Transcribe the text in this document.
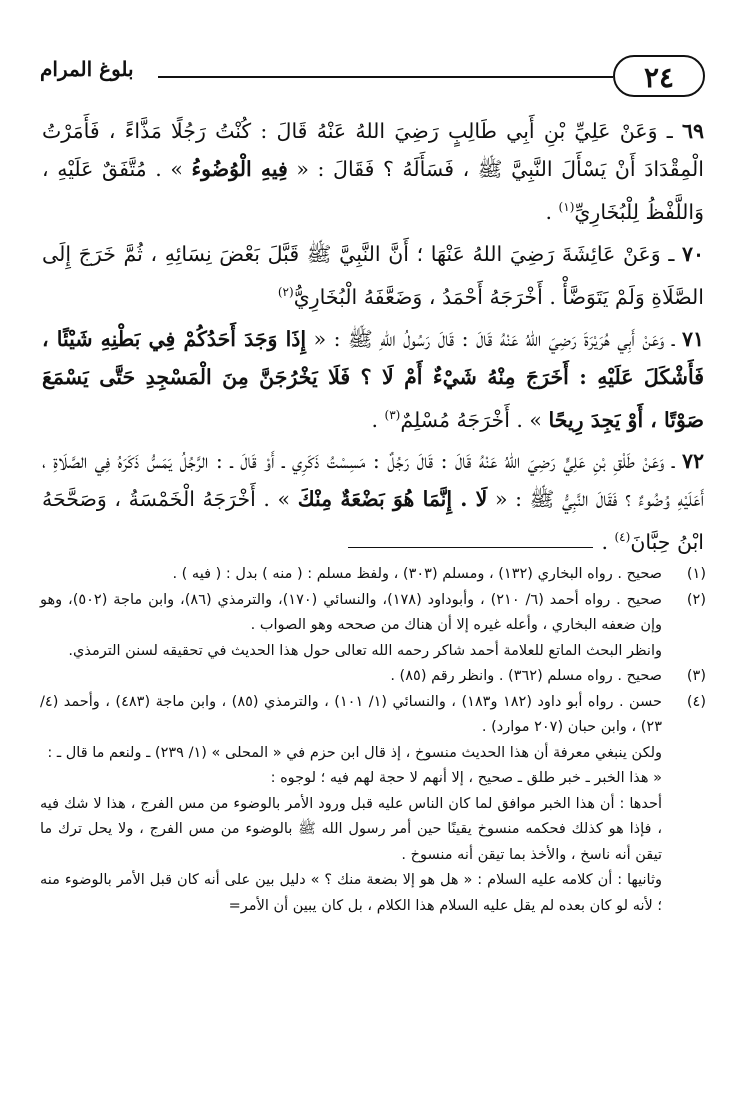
٢٤
بلوغ المرام

٦٩ ـ وَعَنْ عَلِيِّ بْنِ أَبِي طَالِبٍ رَضِيَ اللهُ عَنْهُ قَالَ : كُنْتُ رَجُلًا مَذَّاءً ، فَأَمَرْتُ الْمِقْدَادَ أَنْ يَسْأَلَ النَّبِيَّ ﷺ ، فَسَأَلَهُ ؟ فَقَالَ : « فِيهِ الْوُضُوءُ » . مُتَّفَقٌ عَلَيْهِ ، وَاللَّفْظُ لِلْبُخَارِيِّ$^{(١)}$ .

٧٠ ـ وَعَنْ عَائِشَةَ رَضِيَ اللهُ عَنْهَا ؛ أَنَّ النَّبِيَّ ﷺ قَبَّلَ بَعْضَ نِسَائِهِ ، ثُمَّ خَرَجَ إِلَى الصَّلَاةِ وَلَمْ يَتَوَضَّأْ . أَخْرَجَهُ أَحْمَدُ ، وَضَعَّفَهُ الْبُخَارِيُّ$^{(٢)}$

٧١ ـ وَعَنْ أَبِي هُرَيْرَةَ رَضِيَ اللهُ عَنْهُ قَالَ : قَالَ رَسُولُ اللهِ ﷺ : « إِذَا وَجَدَ أَحَدُكُمْ فِي بَطْنِهِ شَيْئًا ، فَأَشْكَلَ عَلَيْهِ : أَخَرَجَ مِنْهُ شَيْءٌ أَمْ لَا ؟ فَلَا يَخْرُجَنَّ مِنَ الْمَسْجِدِ حَتَّى يَسْمَعَ صَوْتًا ، أَوْ يَجِدَ رِيحًا » . أَخْرَجَهُ مُسْلِمٌ$^{(٣)}$ .

٧٢ ـ وَعَنْ طَلْقِ بْنِ عَلِيٍّ رَضِيَ اللهُ عَنْهُ قَالَ : قَالَ رَجُلٌ : مَسِسْتُ ذَكَرِي ـ أَوْ قَالَ ـ : الرَّجُلُ يَمَسُّ ذَكَرَهُ فِي الصَّلَاةِ ، أَعَلَيْهِ وُضُوءٌ ؟ فَقَالَ النَّبِيُّ ﷺ : « لَا . إِنَّمَا هُوَ بَضْعَةٌ مِنْكَ » . أَخْرَجَهُ الْخَمْسَةُ ، وَصَحَّحَهُ ابْنُ حِبَّانَ$^{(٤)}$ .

(١)
صحيح . رواه البخاري (١٣٢) ، ومسلم (٣٠٣) ، ولفظ مسلم : ( منه ) بدل : ( فيه ) .
(٢)
صحيح . رواه أحمد (٦/ ٢١٠) ، وأبوداود (١٧٨)، والنسائي (١٧٠)، والترمذي (٨٦)، وابن ماجة (٥٠٢)، وهو وإن ضعفه البخاري ، وأعله غيره إلا أن هناك من صححه وهو الصواب .

وانظر البحث الماتع للعلامة أحمد شاكر رحمه الله تعالى حول هذا الحديث في تحقيقه لسنن الترمذي.

(٣)
صحيح . رواه مسلم (٣٦٢) . وانظر رقم (٨٥) .
(٤)
حسن . رواه أبو داود (١٨٢ و١٨٣) ، والنسائي (١/ ١٠١) ، والترمذي (٨٥) ، وابن ماجة (٤٨٣) ، وأحمد (٤/ ٢٣) ، وابن حبان (٢٠٧ موارد) .

ولكن ينبغي معرفة أن هذا الحديث منسوخ ، إذ قال ابن حزم في « المحلى » (١/ ٢٣٩) ـ ولنعم ما قال ـ :

« هذا الخبر ـ خبر طلق ـ صحيح ، إلا أنهم لا حجة لهم فيه ؛ لوجوه :

أحدها : أن هذا الخبر موافق لما كان الناس عليه قبل ورود الأمر بالوضوء من مس الفرج ، هذا لا شك فيه ، فإذا هو كذلك فحكمه منسوخ يقينًا حين أمر رسول الله ﷺ بالوضوء من مس الفرج ، ولا يحل ترك ما تيقن أنه ناسخ ، والأخذ بما تيقن أنه منسوخ .

وثانيها : أن كلامه عليه السلام : « هل هو إلا بضعة منك ؟ » دليل بين على أنه كان قبل الأمر بالوضوء منه ؛ لأنه لو كان بعده لم يقل عليه السلام هذا الكلام ، بل كان يبين أن الأمر=
